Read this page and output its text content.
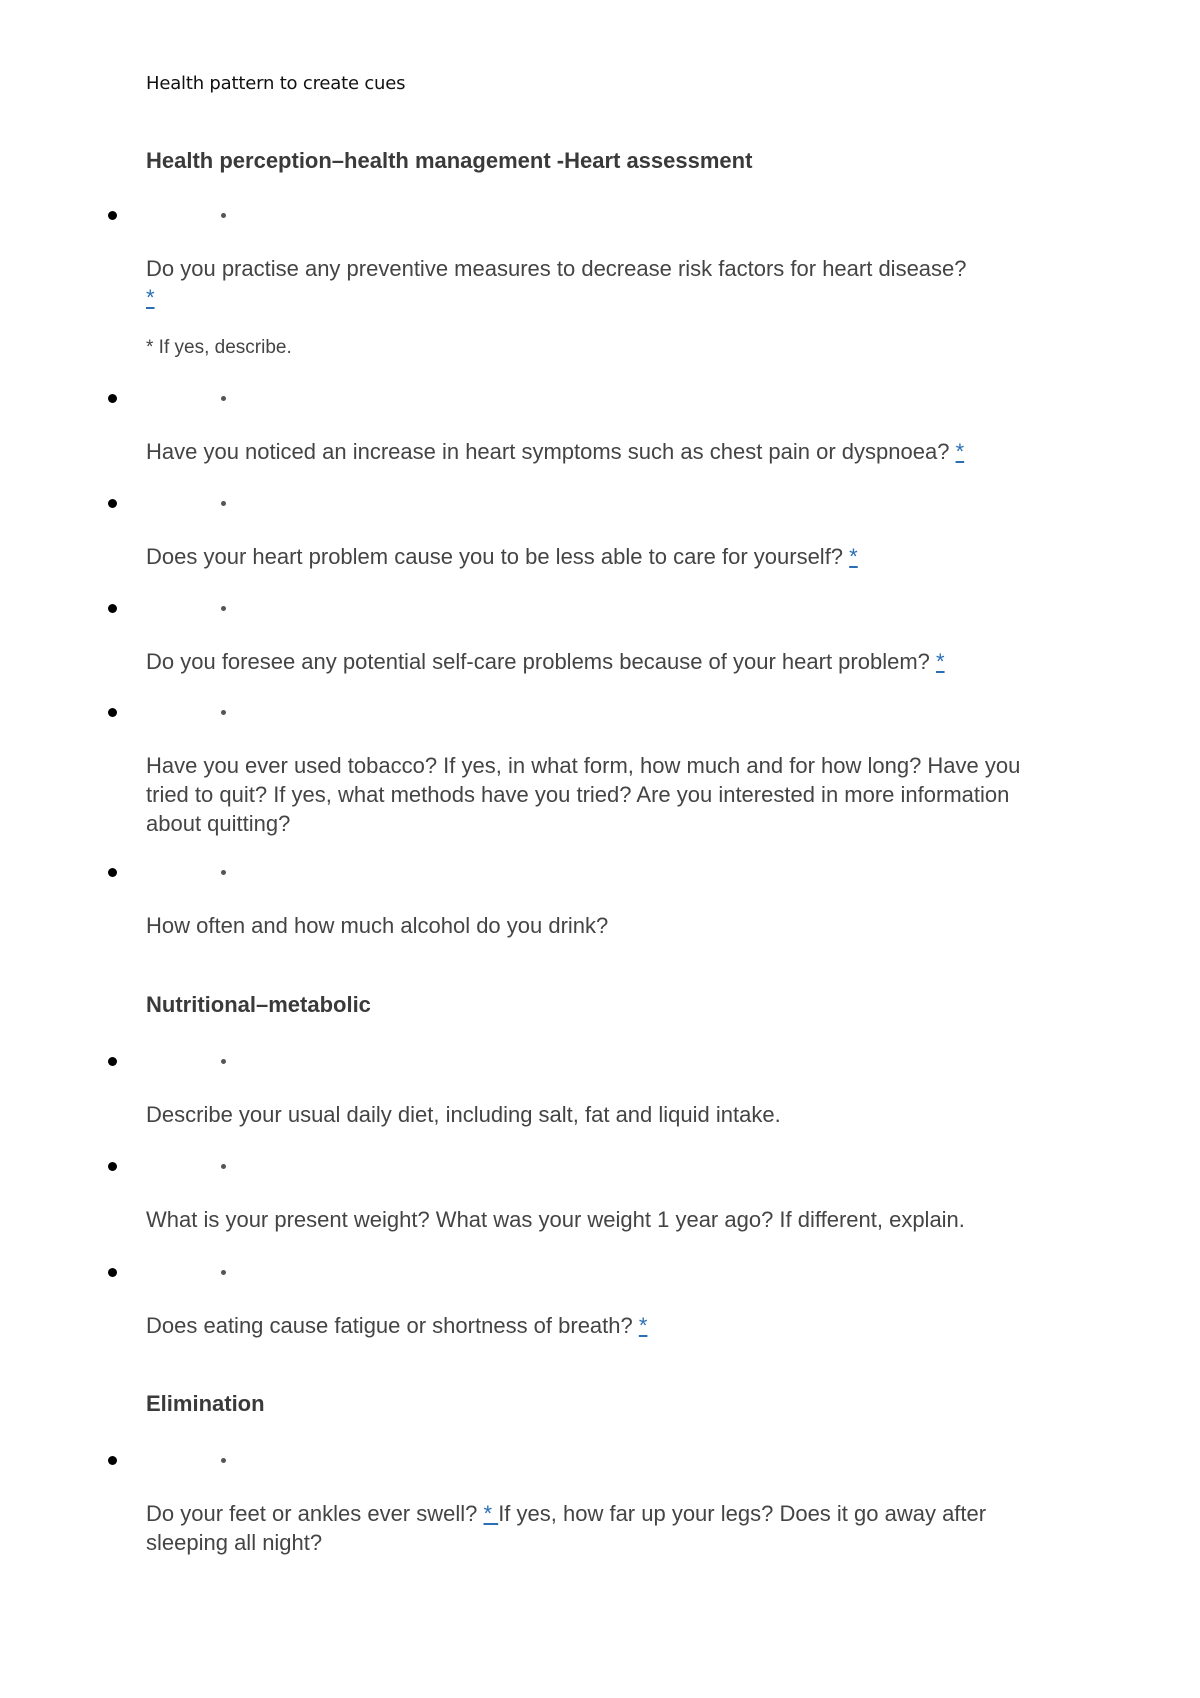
Health pattern to create cues
Health perception–health management -Heart assessment
Do you practise any preventive measures to decrease risk factors for heart disease? *
* If yes, describe.
Have you noticed an increase in heart symptoms such as chest pain or dyspnoea? *
Does your heart problem cause you to be less able to care for yourself? *
Do you foresee any potential self-care problems because of your heart problem? *
Have you ever used tobacco? If yes, in what form, how much and for how long? Have you tried to quit? If yes, what methods have you tried? Are you interested in more information about quitting?
How often and how much alcohol do you drink?
Nutritional–metabolic
Describe your usual daily diet, including salt, fat and liquid intake.
What is your present weight? What was your weight 1 year ago? If different, explain.
Does eating cause fatigue or shortness of breath? *
Elimination
Do your feet or ankles ever swell? * If yes, how far up your legs? Does it go away after sleeping all night?
